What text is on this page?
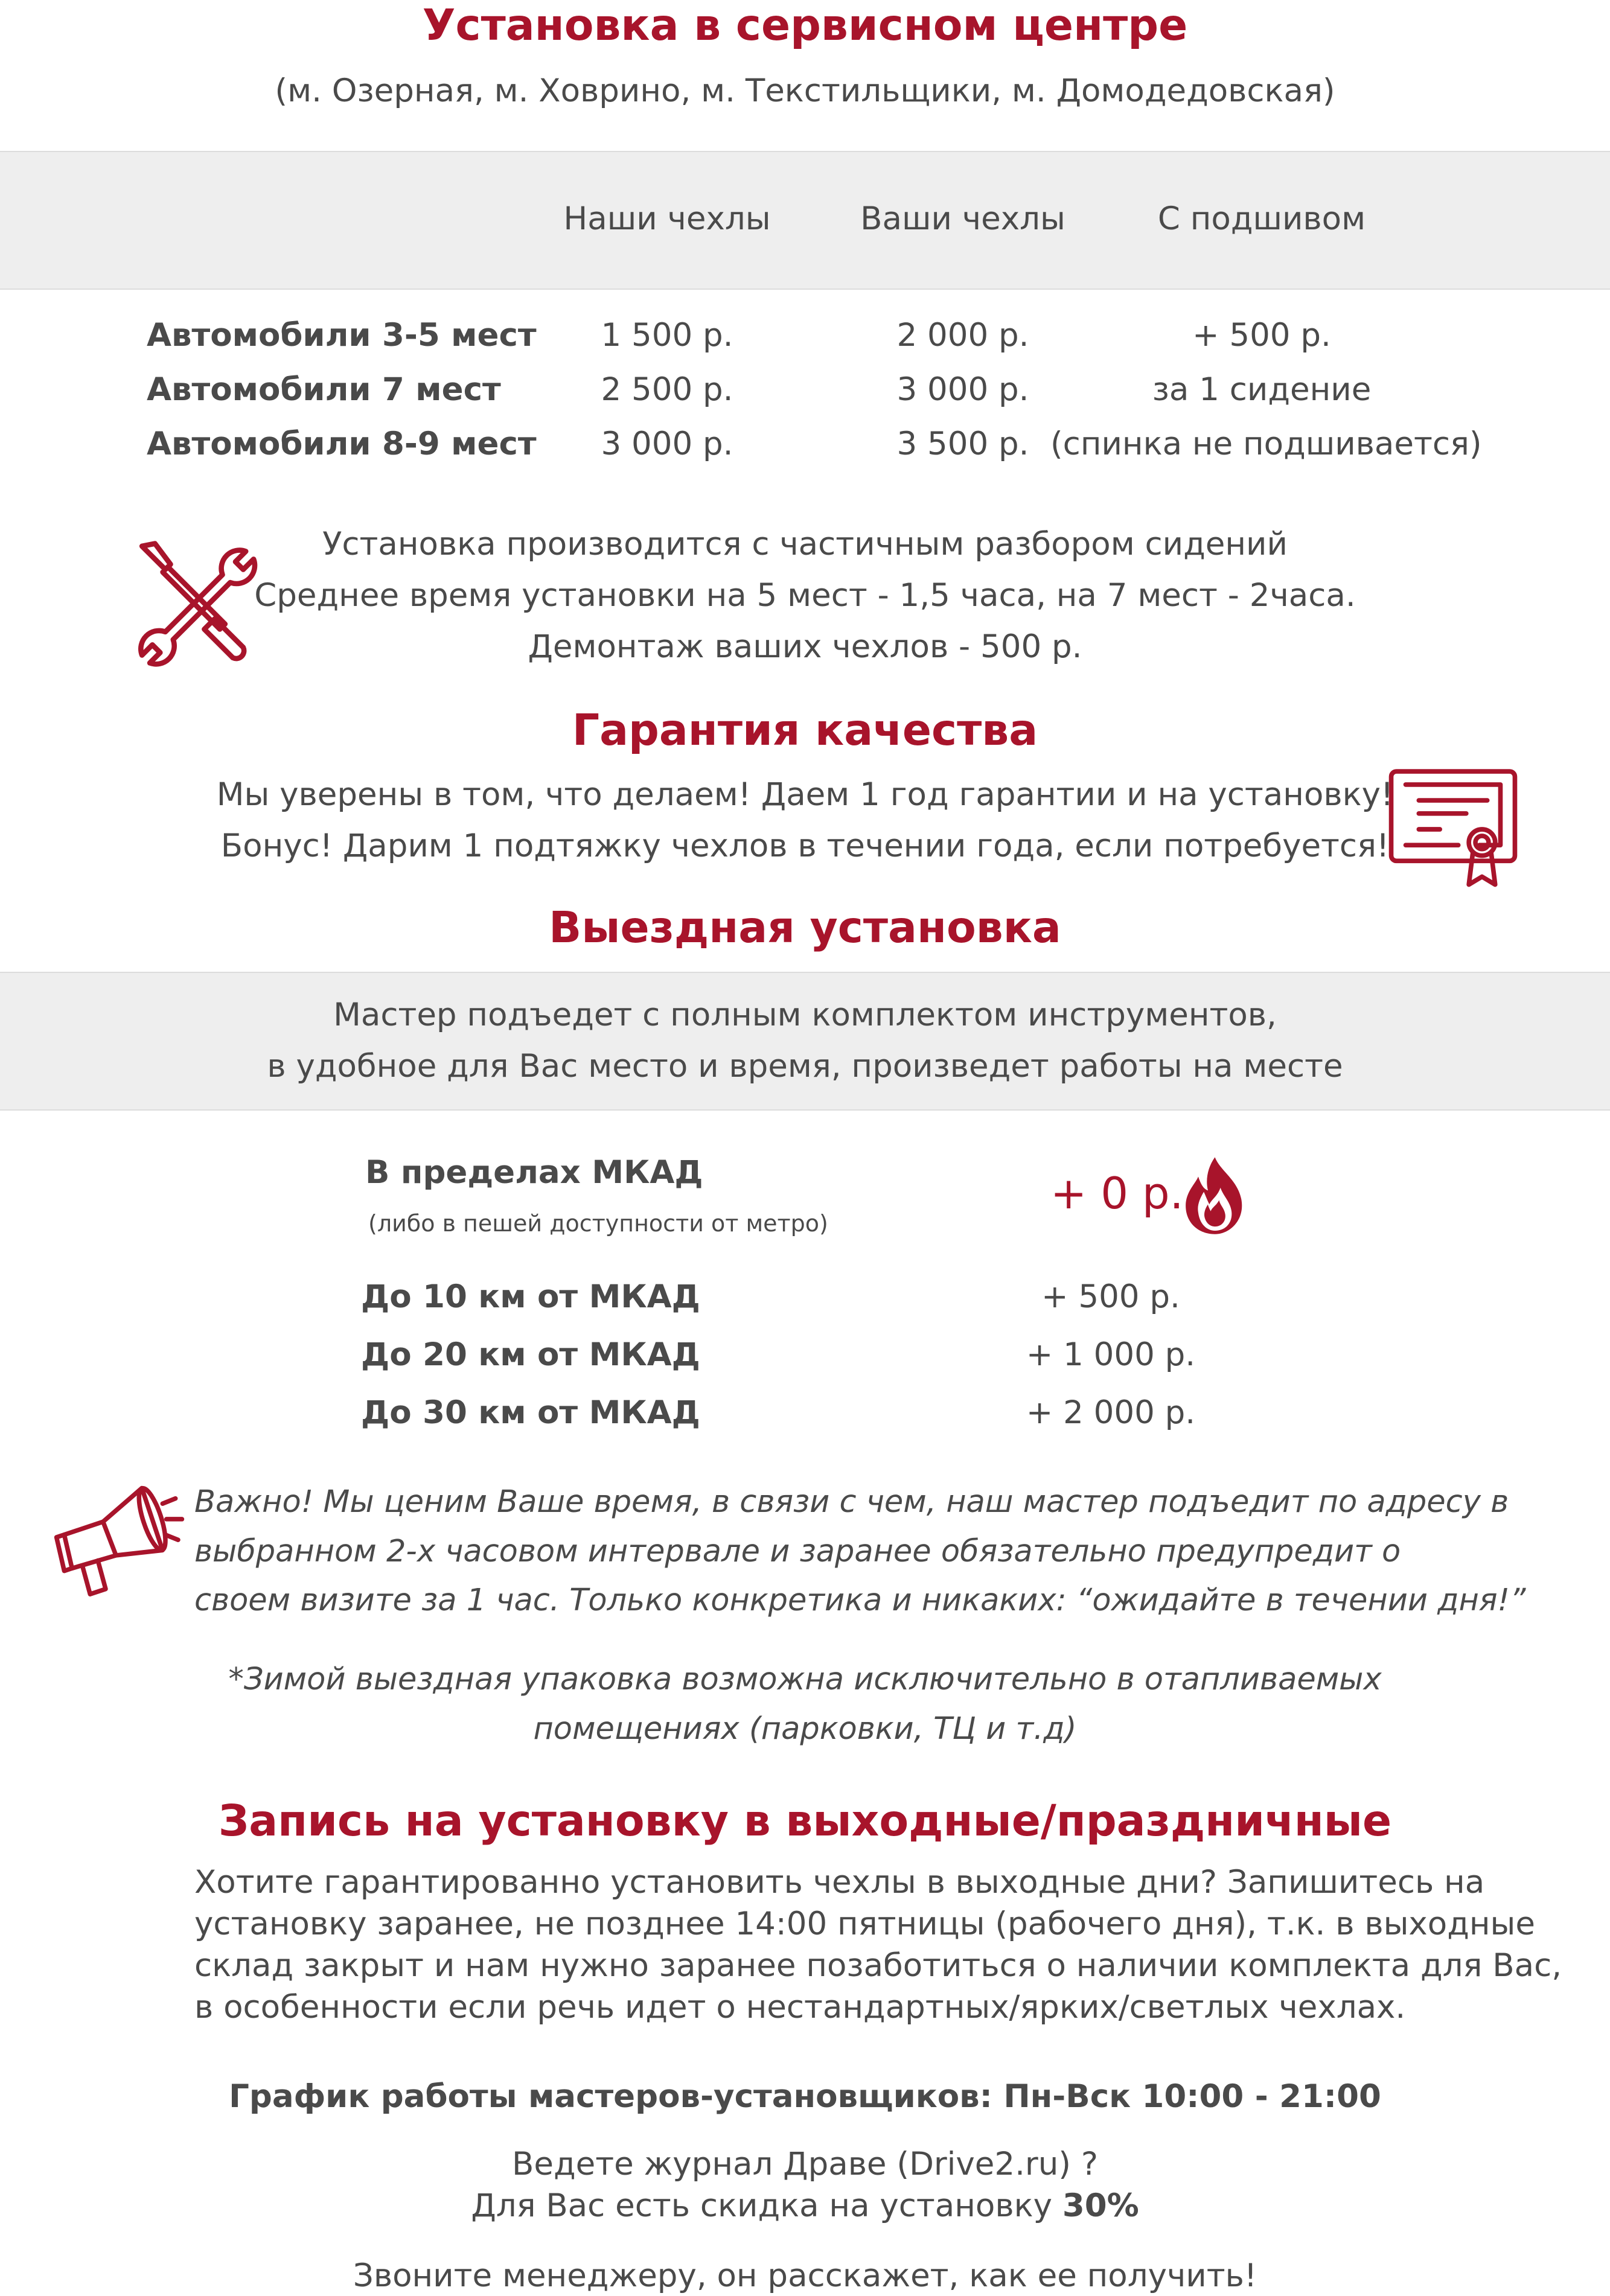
Установка в сервисном центре
(м. Озерная, м. Ховрино, м. Текстильщики, м. Домодедовская)
Наши чехлы	Ваши чехлы	С подшивом
Автомобили 3-5 мест	1 500 р.	2 000 р.	+ 500 р.
Автомобили 7 мест	2 500 р.	3 000 р.	за 1 сидение
Автомобили 8-9 мест	3 000 р.	3 500 р. (спинка не подшивается)
Установка производится с частичным разбором сидений
Среднее время установки на 5 мест - 1,5 часа, на 7 мест - 2часа.
Демонтаж ваших чехлов - 500 р.
Гарантия качества
Мы уверены в том, что делаем! Даем 1 год гарантии и на установку!
Бонус! Дарим 1 подтяжку чехлов в течении года, если потребуется!
Выездная установка
Мастер подъедет с полным комплектом инструментов,
в удобное для Вас место и время, произведет работы на месте
В пределах МКАД
(либо в пешей доступности от метро)
+ 0 р.
До 10 км от МКАД	+ 500 р.
До 20 км от МКАД	+ 1 000 р.
До 30 км от МКАД	+ 2 000 р.
Важно! Мы ценим Ваше время, в связи с чем, наш мастер подъедит по адресу в
выбранном 2-х часовом интервале и заранее обязательно предупредит о
своем визите за 1 час. Только конкретика и никаких: “ожидайте в течении дня!”
*Зимой выездная упаковка возможна исключительно в отапливаемых
помещениях (парковки, ТЦ и т.д)
Запись на установку в выходные/праздничные
Хотите гарантированно установить чехлы в выходные дни? Запишитесь на
установку заранее, не позднее 14:00 пятницы (рабочего дня), т.к. в выходные
склад закрыт и нам нужно заранее позаботиться о наличии комплекта для Вас,
в особенности если речь идет о нестандартных/ярких/светлых чехлах.
График работы мастеров-установщиков: Пн-Вск 10:00 - 21:00
Ведете журнал Драве (Drive2.ru) ?
Для Вас есть скидка на установку 30%
Звоните менеджеру, он расскажет, как ее получить!
